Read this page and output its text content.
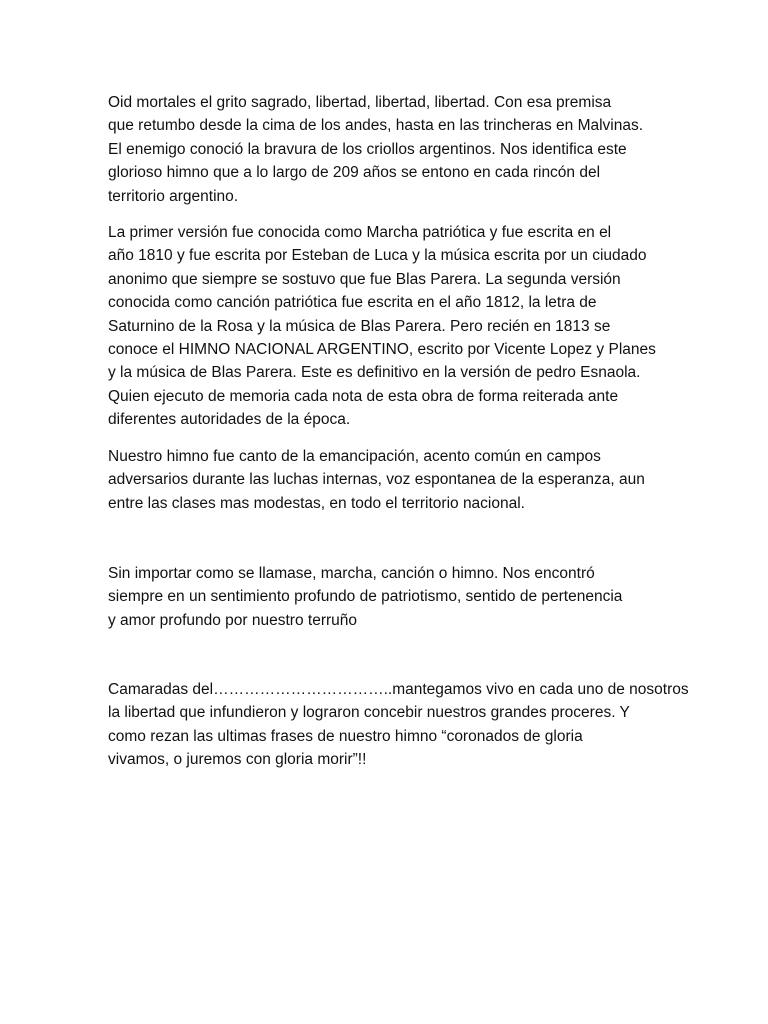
Oid mortales el grito sagrado, libertad, libertad, libertad. Con esa premisa
que retumbo desde la cima de los andes, hasta en las trincheras en Malvinas.
El enemigo conoció la bravura de los criollos argentinos. Nos identifica este
glorioso himno que a lo largo de 209 años se entono en cada rincón del
territorio argentino.

La primer versión fue conocida como Marcha patriótica y fue escrita en el
año 1810 y fue escrita por Esteban de Luca y la música escrita por un ciudado
anonimo que siempre se sostuvo que fue Blas Parera. La segunda versión
conocida como canción patriótica fue escrita en el año 1812, la letra de
Saturnino de la Rosa y la música de Blas Parera. Pero recién en 1813 se
conoce el HIMNO NACIONAL ARGENTINO, escrito por Vicente Lopez y Planes
y la música de Blas Parera. Este es definitivo en la versión de pedro Esnaola.
Quien ejecuto de memoria cada nota de esta obra de forma reiterada ante
diferentes autoridades de la época.

Nuestro himno fue canto de la emancipación, acento común en campos
adversarios durante las luchas internas, voz espontanea de la esperanza, aun
entre las clases mas modestas, en todo el territorio nacional.

Sin importar como se llamase, marcha, canción o himno. Nos encontró
siempre en un sentimiento profundo de patriotismo, sentido de pertenencia
y amor profundo por nuestro terruño

Camaradas del……………………………..mantegamos vivo en cada uno de nosotros
la libertad que infundieron y lograron concebir nuestros grandes proceres. Y
como rezan las ultimas frases de nuestro himno “coronados de gloria
vivamos, o juremos con gloria morir”!!
